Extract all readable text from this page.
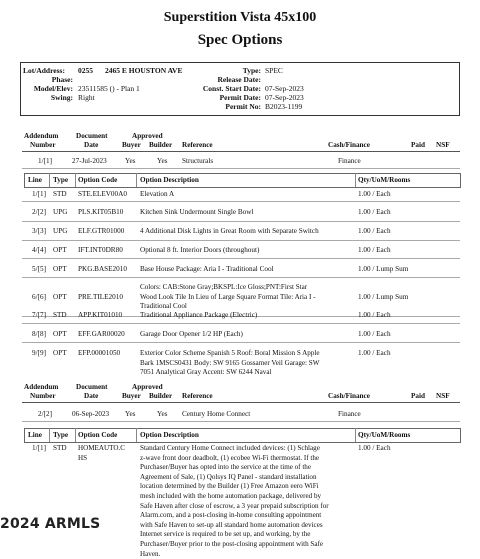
Superstition Vista 45x100
Spec Options
Lot/Address:	0255 2465 E HOUSTON AVE	Type: SPEC
Phase:	Release Date:
Model/Elev: 23511585 () - Plan 1	Const. Start Date: 07-Sep-2023
Swing: Right	Permit Date: 07-Sep-2023
Permit No: B2023-1199
Addendum
Number
Document
Date
Approved
Buyer Builder Reference	Cash/Finance	Paid NSF
1/[1]	27-Jul-2023	Yes	Yes Structurals	Finance
Line Type Option Code	Option Description	Qty/UoM/Rooms
1/[1] STD STE.ELEV00A0 Elevation A	1.00 / Each
2/[2] UPG PLS.KIT05B10 Kitchen Sink Undermount Single Bowl	1.00 / Each
3/[3] UPG ELF.GTR01000 4 Additional Disk Lights in Great Room with Separate Switch	1.00 / Each
4/[4] OPT IFT.INT0DR80 Optional 8 ft. Interior Doors (throughout)	1.00 / Each
5/[5] OPT PKG.BASE2010 Base House Package: Aria I - Traditional Cool	1.00 / Lump Sum
6/[6] OPT PRE.TILE2010
Colors: CAB:Stone Gray;BKSPL:Ice Gloss;PNT:First Star
Wood Look Tile In Lieu of Large Square Format Tile: Aria I -
Traditional Cool
1.00 / Lump Sum
7/[7] STD APP.KIT01010 Traditional Appliance Package (Electric)	1.00 / Each
8/[8] OPT EFF.GAR00020 Garage Door Opener 1/2 HP (Each)	1.00 / Each
9/[9] OPT EFP.00001050	Exterior Color Scheme Spanish 5 Roof: Boral Mission S Apple
Bark 1MSCS0431 Body: SW 9165 Gossamer Veil Garage: SW
7051 Analytical Gray Accent: SW 6244 Naval
1.00 / Each
Addendum
Number
Document
Date
Approved
Buyer Builder Reference	Cash/Finance	Paid NSF
2/[2]	06-Sep-2023 Yes	Yes Century Home Connect	Finance
Line Type Option Code	Option Description	Qty/UoM/Rooms
1/[1] STD HOMEAUTO.C
HS
Standard Century Home Connect included devices: (1) Schlage
z-wave front door deadbolt, (1) ecobee Wi-Fi thermostat. If the
Purchaser/Buyer has opted into the service at the time of the
Agreement of Sale, (1) Qolsys IQ Panel - standard installation
location determined by the Builder (1) Free Amazon eero WiFi
mesh included with the home automation package, delivered by
Safe Haven after close of escrow, a 3 year prepaid subscription for
Alarm.com, and a post-closing in-home consulting appointment
with Safe Haven to set-up all standard home automation devices
Internet service is required to be set up, and working, by the
Purchaser/Buyer prior to the post-closing appointment with Safe
Haven.
1.00 / Each
2024 ARMLS
